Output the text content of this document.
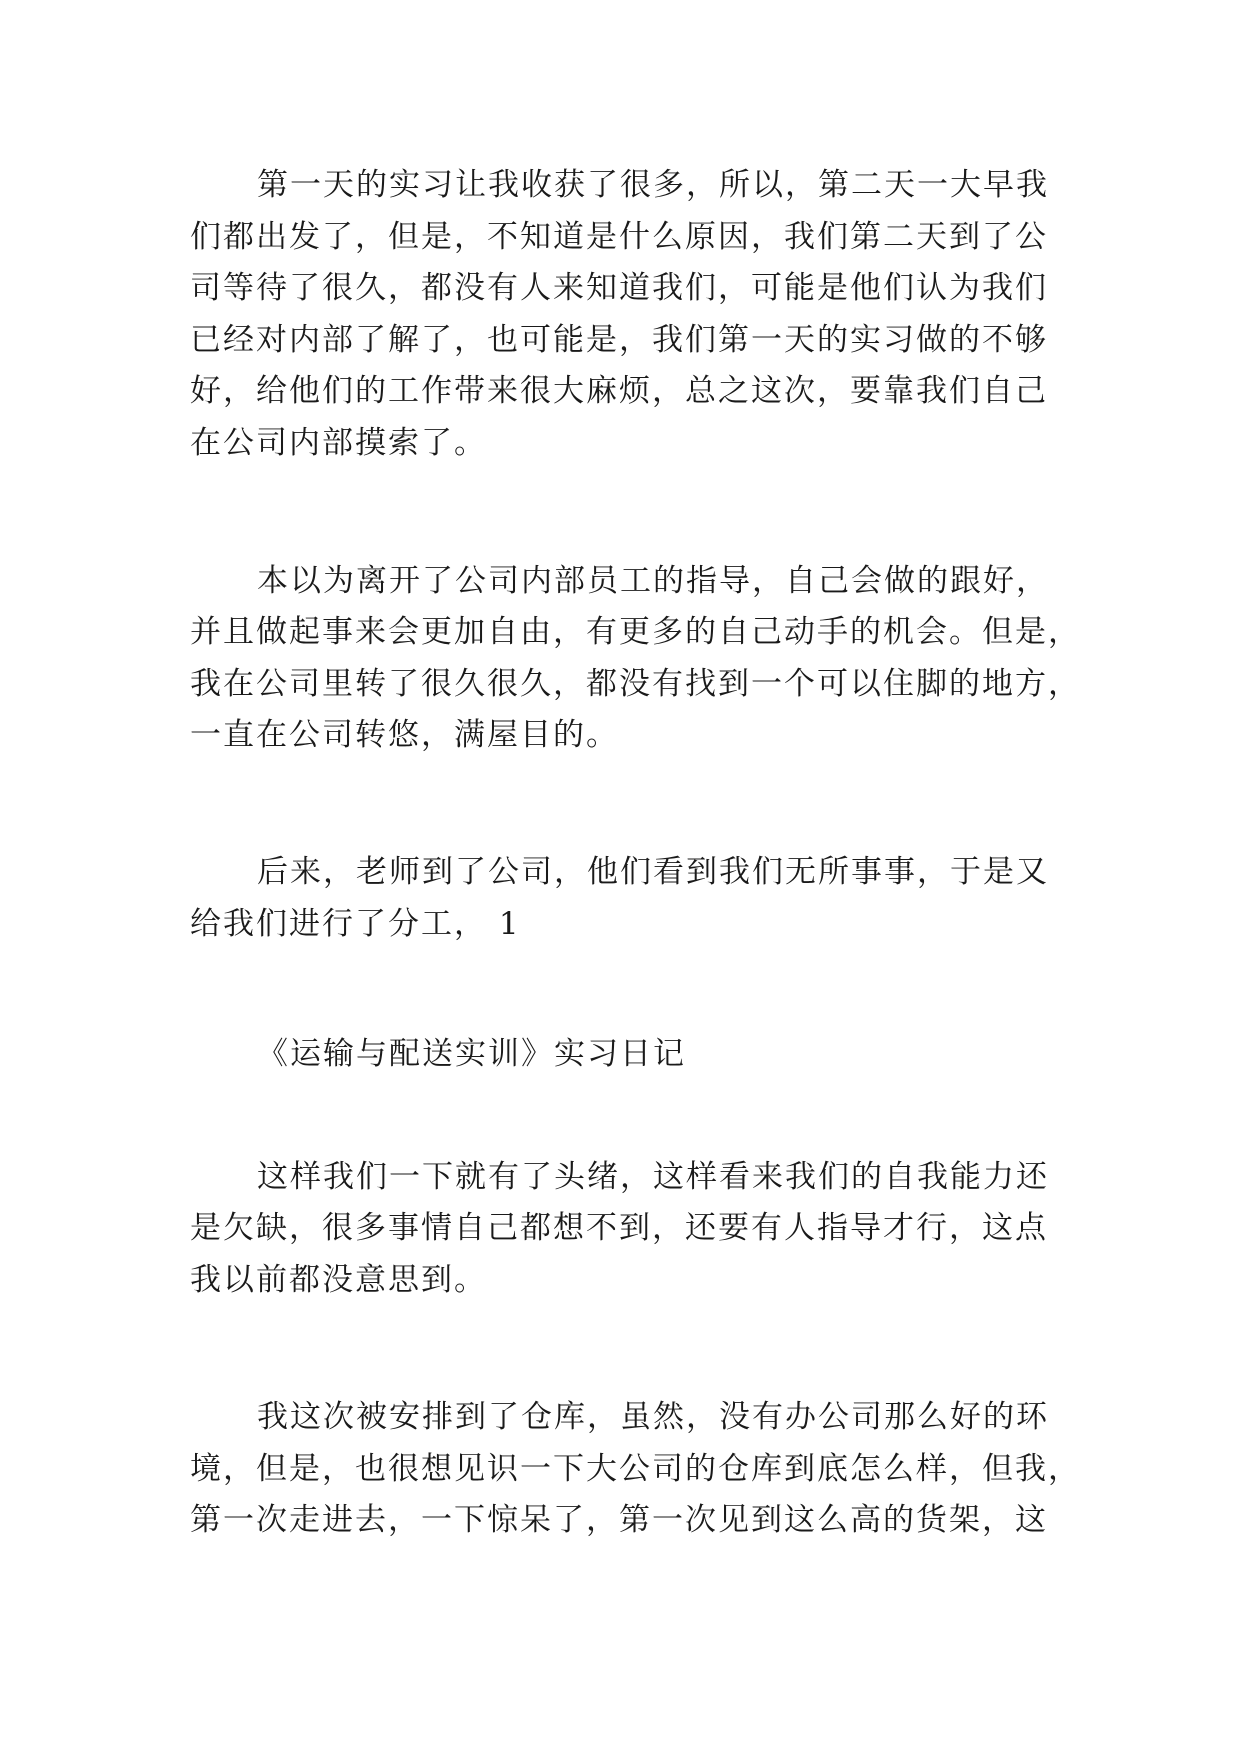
第一天的实习让我收获了很多，所以，第二天一大早我
们都出发了，但是，不知道是什么原因，我们第二天到了公
司等待了很久，都没有人来知道我们，可能是他们认为我们
已经对内部了解了，也可能是，我们第一天的实习做的不够
好，给他们的工作带来很大麻烦，总之这次，要靠我们自己
在公司内部摸索了。
本以为离开了公司内部员工的指导，自己会做的跟好，
并且做起事来会更加自由，有更多的自己动手的机会。但是，
我在公司里转了很久很久，都没有找到一个可以住脚的地方，
一直在公司转悠，满屋目的。
后来，老师到了公司，他们看到我们无所事事，于是又
给我们进行了分工， 1
《运输与配送实训》实习日记
这样我们一下就有了头绪，这样看来我们的自我能力还
是欠缺，很多事情自己都想不到，还要有人指导才行，这点
我以前都没意思到。
我这次被安排到了仓库，虽然，没有办公司那么好的环
境，但是，也很想见识一下大公司的仓库到底怎么样，但我，
第一次走进去，一下惊呆了，第一次见到这么高的货架，这
